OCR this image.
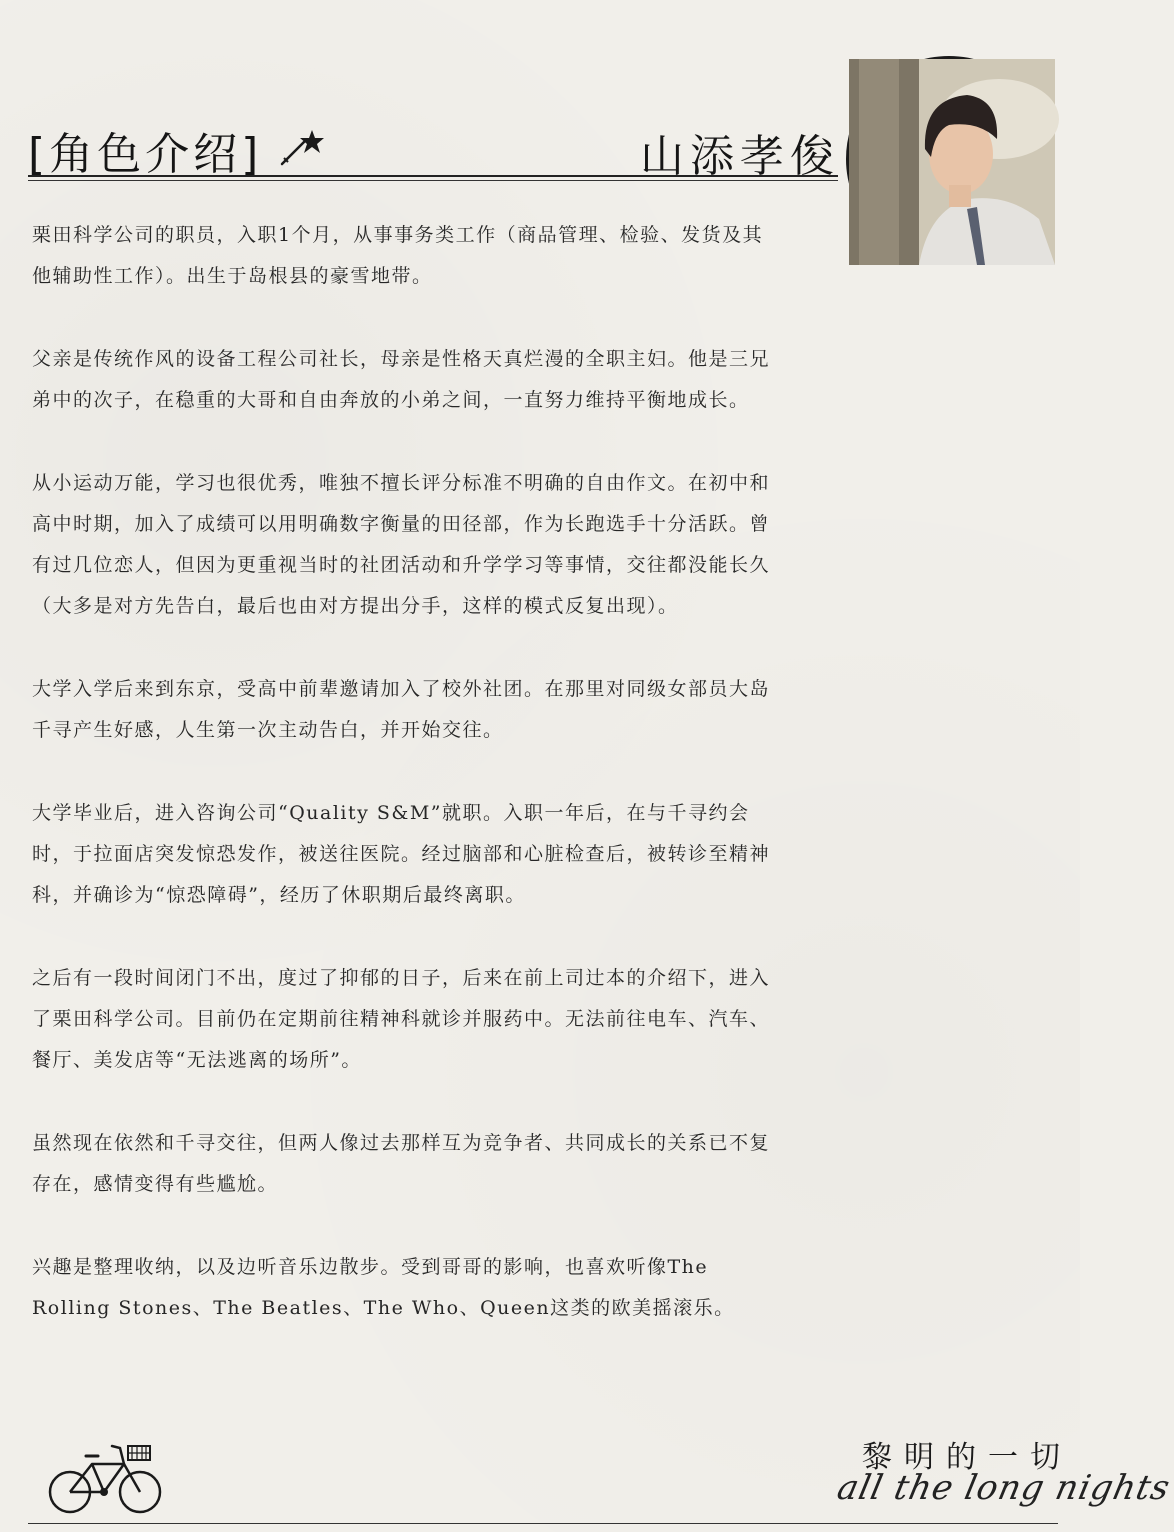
[角色介绍]	山添孝俊

栗田科学公司的职员，入职1个月，从事事务类工作（商品管理、检验、发货及其他辅助性工作）。出生于岛根县的豪雪地带。

父亲是传统作风的设备工程公司社长，母亲是性格天真烂漫的全职主妇。他是三兄弟中的次子，在稳重的大哥和自由奔放的小弟之间，一直努力维持平衡地成长。

从小运动万能，学习也很优秀，唯独不擅长评分标准不明确的自由作文。在初中和高中时期，加入了成绩可以用明确数字衡量的田径部，作为长跑选手十分活跃。曾有过几位恋人，但因为更重视当时的社团活动和升学学习等事情，交往都没能长久（大多是对方先告白，最后也由对方提出分手，这样的模式反复出现）。

大学入学后来到东京，受高中前辈邀请加入了校外社团。在那里对同级女部员大岛千寻产生好感，人生第一次主动告白，并开始交往。

大学毕业后，进入咨询公司“Quality S&M”就职。入职一年后，在与千寻约会时，于拉面店突发惊恐发作，被送往医院。经过脑部和心脏检查后，被转诊至精神科，并确诊为“惊恐障碍”，经历了休职期后最终离职。

之后有一段时间闭门不出，度过了抑郁的日子，后来在前上司辻本的介绍下，进入了栗田科学公司。目前仍在定期前往精神科就诊并服药中。无法前往电车、汽车、餐厅、美发店等“无法逃离的场所”。

虽然现在依然和千寻交往，但两人像过去那样互为竞争者、共同成长的关系已不复存在，感情变得有些尴尬。

兴趣是整理收纳，以及边听音乐边散步。受到哥哥的影响，也喜欢听像The Rolling Stones、The Beatles、The Who、Queen这类的欧美摇滚乐。

黎明的一切
all the long nights
